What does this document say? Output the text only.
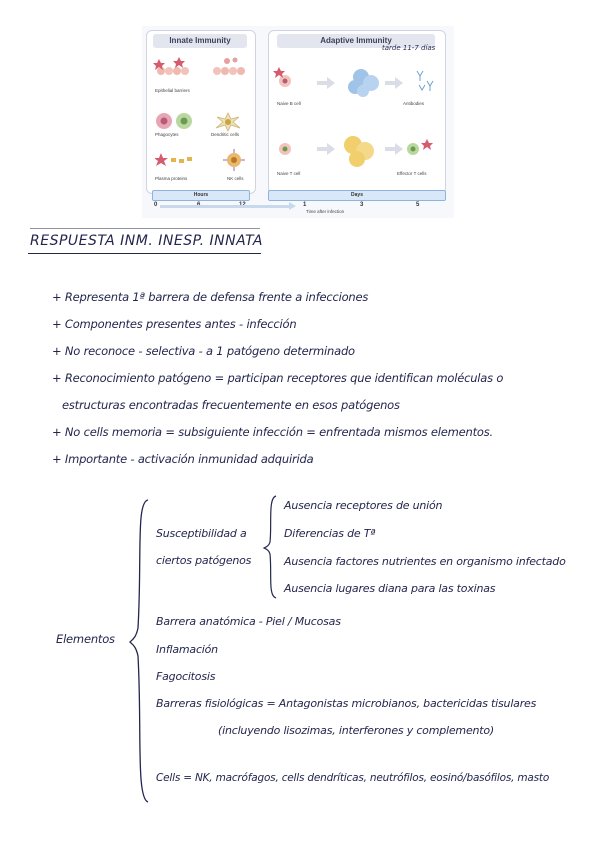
Innate Immunity
Epithelial barriers
Phagocytes	Dendritic cells
Plasma proteins	NK cells
Adaptive Immunity
Naive B cell	Antibodies
Naive T cell	Effector T cells
Hours	Days
0	1	3	5
tarde 11-7 días
Time after infection
RESPUESTA INM. INESP. INNATA
+ Representa 1ª barrera de defensa frente a infecciones
+ Componentes presentes antes - infección
+ No reconoce - selectiva - a 1 patógeno determinado
+ Reconocimiento patógeno = participan receptores que identifican moléculas o
estructuras encontradas frecuentemente en esos patógenos
+ No cells memoria = subsiguiente infección = enfrentada mismos elementos.
+ Importante - activación inmunidad adquirida
Elementos
Susceptibilidad a
ciertos patógenos
Ausencia receptores de unión
Diferencias de Tª
Ausencia factores nutrientes en organismo infectado
Ausencia lugares diana para las toxinas
Barrera anatómica - Piel / Mucosas
Inflamación
Fagocitosis
Barreras fisiológicas = Antagonistas microbianos, bactericidas tisulares
(incluyendo lisozimas, interferones y complemento)
Cells = NK, macrófagos, cells dendríticas, neutrófilos, eosinó/basófilos, masto
